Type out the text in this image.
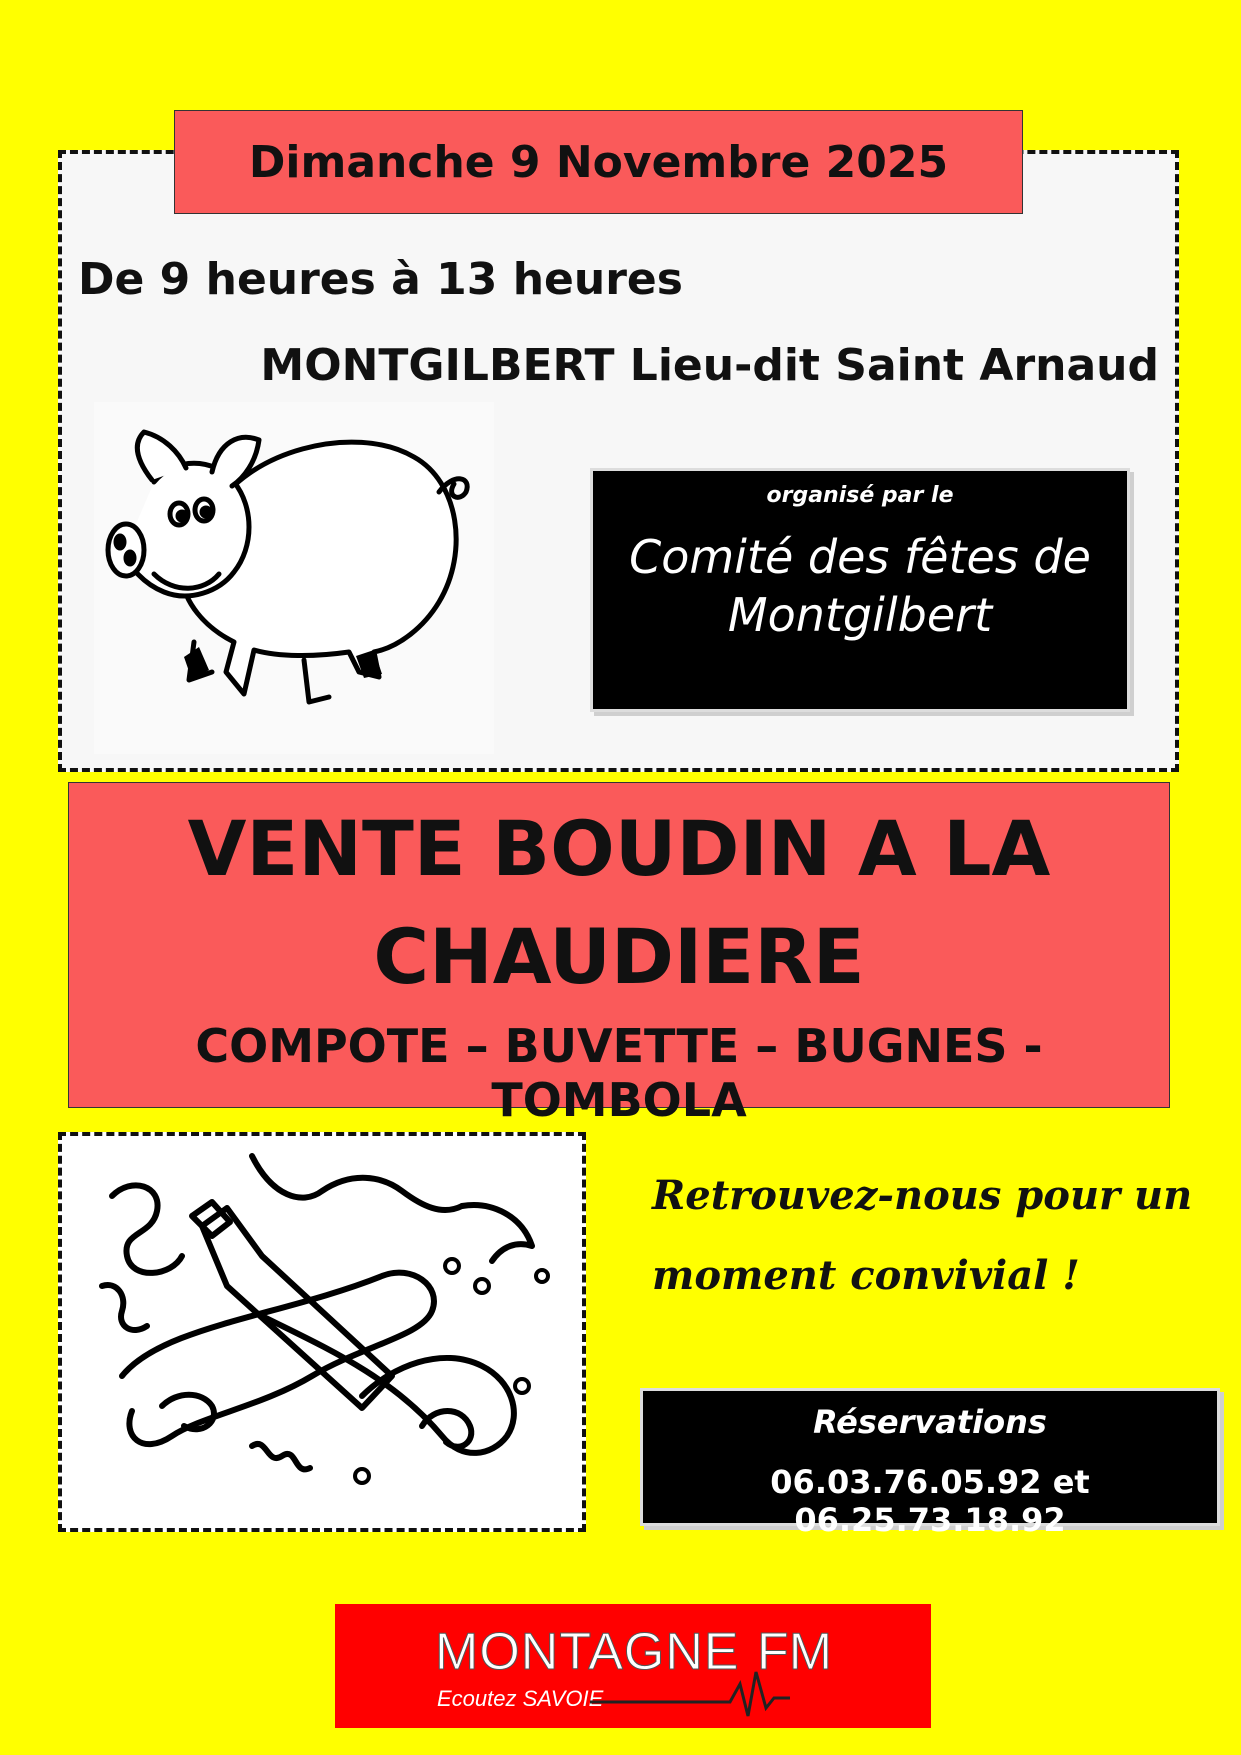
Dimanche 9 Novembre 2025
De 9 heures à 13 heures
MONTGILBERT Lieu-dit Saint Arnaud
organisé par le
Comité des fêtes de
Montgilbert
VENTE BOUDIN A LA
CHAUDIERE
COMPOTE – BUVETTE – BUGNES - TOMBOLA
Retrouvez-nous pour un
moment convivial !
Réservations
06.03.76.05.92 et 06.25.73.18.92
MONTAGNE FM
Ecoutez SAVOIE
